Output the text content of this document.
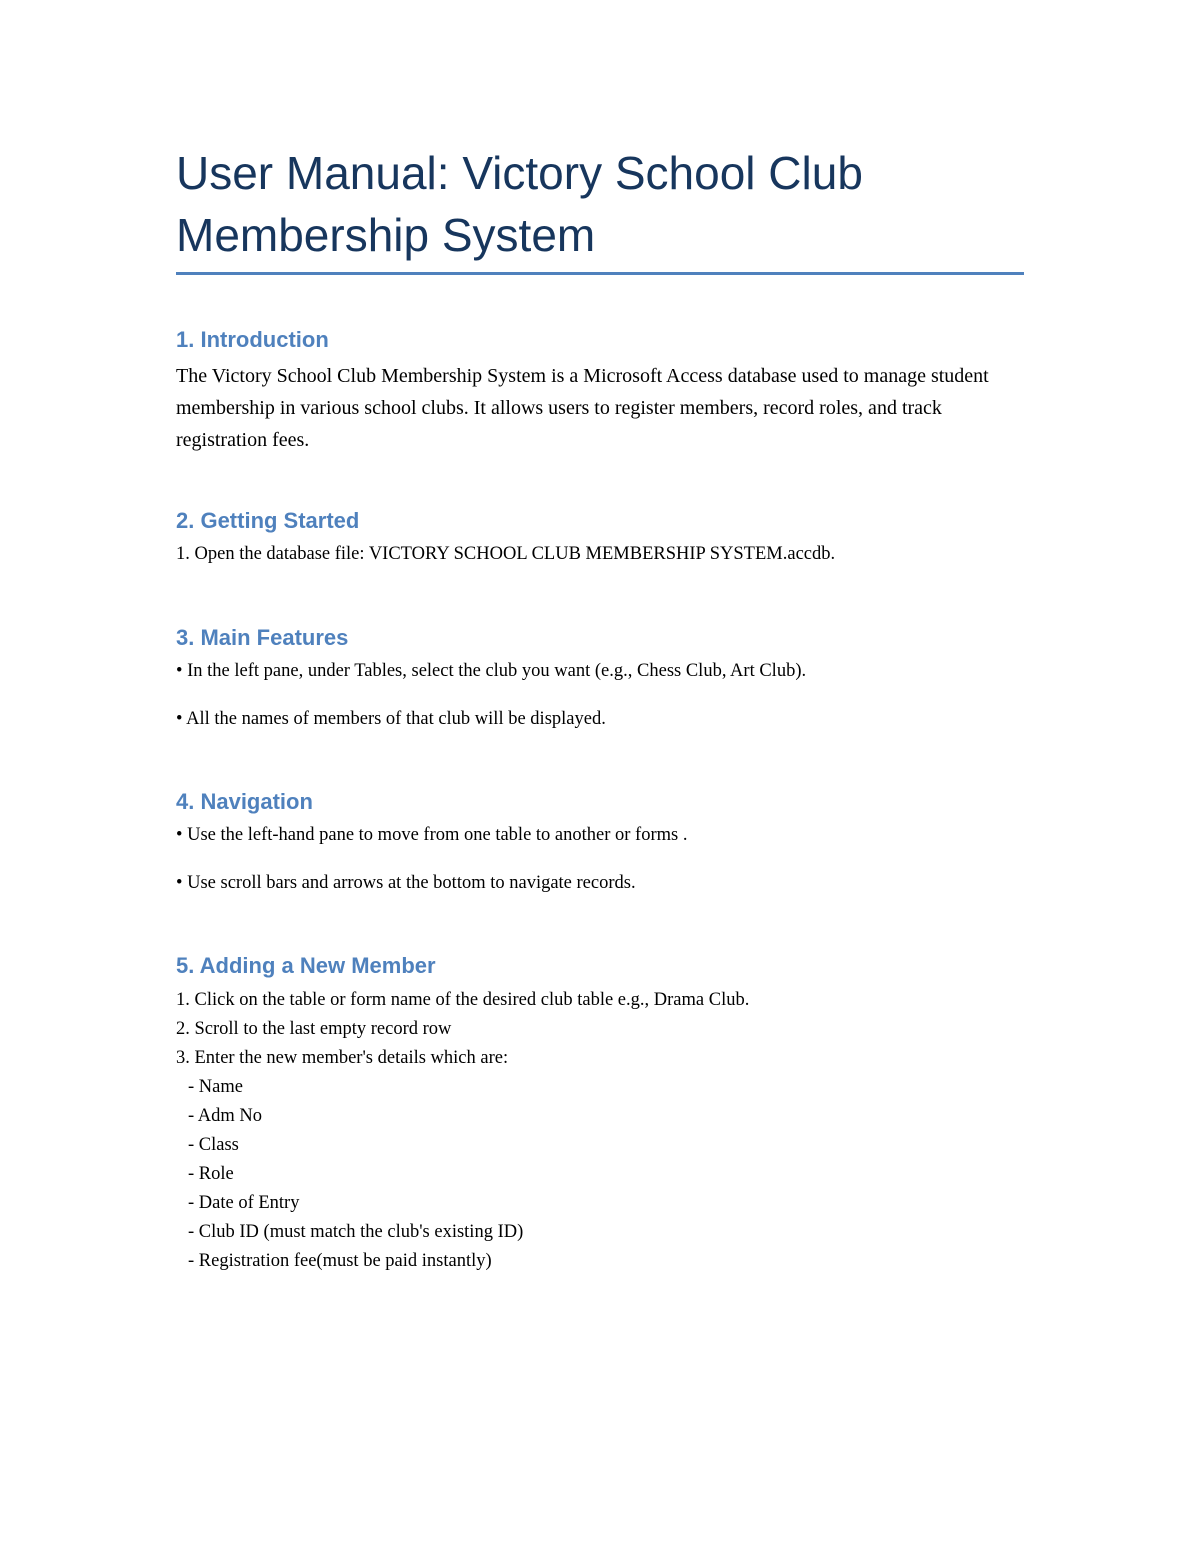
User Manual: Victory School Club Membership System
1. Introduction

The Victory School Club Membership System is a Microsoft Access database used to manage student membership in various school clubs. It allows users to register members, record roles, and track registration fees.

2. Getting Started

1. Open the database file: VICTORY SCHOOL CLUB MEMBERSHIP SYSTEM.accdb.

3. Main Features

• In the left pane, under Tables, select the club you want (e.g., Chess Club, Art Club).

• All the names of members of that club will be displayed.

4. Navigation

• Use the left-hand pane to move from one table to another or forms .

• Use scroll bars and arrows at the bottom to navigate records.

5. Adding a New Member

1. Click on the table or form name of the desired club table e.g., Drama Club.

2. Scroll to the last empty record row

3. Enter the new member's details which are:

- Name

- Adm No

- Class

- Role

- Date of Entry

- Club ID (must match the club's existing ID)

- Registration fee(must be paid instantly)
